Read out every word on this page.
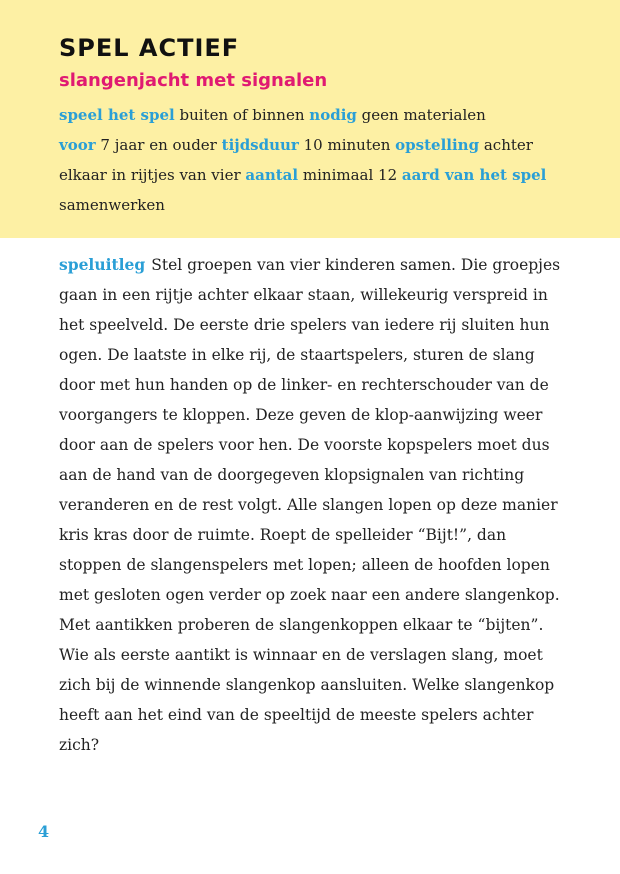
SPEL ACTIEF
slangenjacht met signalen
speel het spel buiten of binnen nodig geen materialen
voor 7 jaar en ouder tijdsduur 10 minuten opstelling achter elkaar in rijtjes van vier aantal minimaal 12 aard van het spel samenwerken
speluitleg Stel groepen van vier kinderen samen. Die groepjes gaan in een rijtje achter elkaar staan, willekeurig verspreid in het speelveld. De eerste drie spelers van iedere rij sluiten hun ogen. De laatste in elke rij, de staartspelers, sturen de slang door met hun handen op de linker- en rechterschouder van de voorgangers te kloppen. Deze geven de klop-aanwijzing weer door aan de spelers voor hen. De voorste kopspelers moet dus aan de hand van de doorgegeven klopsignalen van richting veranderen en de rest volgt. Alle slangen lopen op deze manier kris kras door de ruimte. Roept de spelleider “Bijt!”, dan stoppen de slangenspelers met lopen; alleen de hoofden lopen met gesloten ogen verder op zoek naar een andere slangenkop. Met aantikken proberen de slangenkoppen elkaar te “bijten”. Wie als eerste aantikt is winnaar en de verslagen slang, moet zich bij de winnende slangenkop aansluiten. Welke slangenkop heeft aan het eind van de speeltijd de meeste spelers achter zich?
4
